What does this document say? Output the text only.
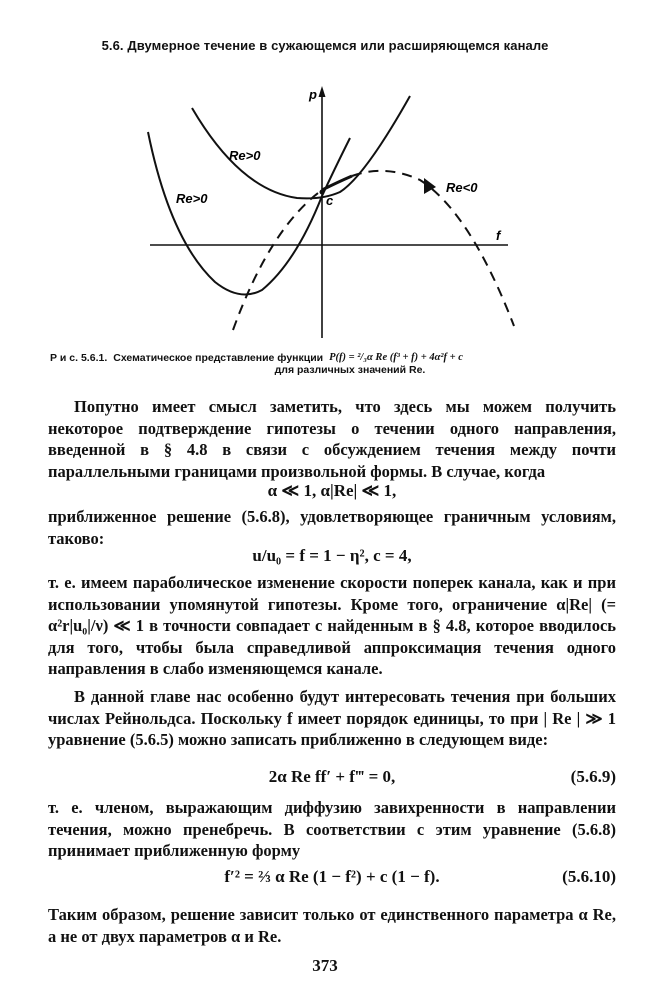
5.6. Двумерное течение в сужающемся или расширяющемся канале
p
f
c
Re>0
Re>0
Re<0
Р и с. 5.6.1. Схематическое представление функции P(f) = ²/₃α Re (f³ + f) + 4α²f + c
для различных значений Re.
Попутно имеет смысл заметить, что здесь мы можем получить некоторое подтверждение гипотезы о течении одного направления, введенной в § 4.8 в связи с обсуждением течения между почти параллельными границами произвольной формы. В случае, когда
α ≪ 1, α|Re| ≪ 1,
приближенное решение (5.6.8), удовлетворяющее граничным условиям, таково:
u/u₀ = f = 1 − η², c = 4,
т. е. имеем параболическое изменение скорости поперек канала, как и при использовании упомянутой гипотезы. Кроме того, ограничение α|Re| (= α²r|u₀|/ν) ≪ 1 в точности совпадает с найденным в § 4.8, которое вводилось для того, чтобы была справедливой аппроксимация течения одного направления в слабо изменяющемся канале.
В данной главе нас особенно будут интересовать течения при больших числах Рейнольдса. Поскольку f имеет порядок единицы, то при | Re | ≫ 1 уравнение (5.6.5) можно записать приближенно в следующем виде:
2α Re ff′ + f‴ = 0,	(5.6.9)
т. е. членом, выражающим диффузию завихренности в направлении течения, можно пренебречь. В соответствии с этим уравнение (5.6.8) принимает приближенную форму
f′² = ⅔ α Re (1 − f²) + c (1 − f).	(5.6.10)
Таким образом, решение зависит только от единственного параметра α Re, а не от двух параметров α и Re.
373
